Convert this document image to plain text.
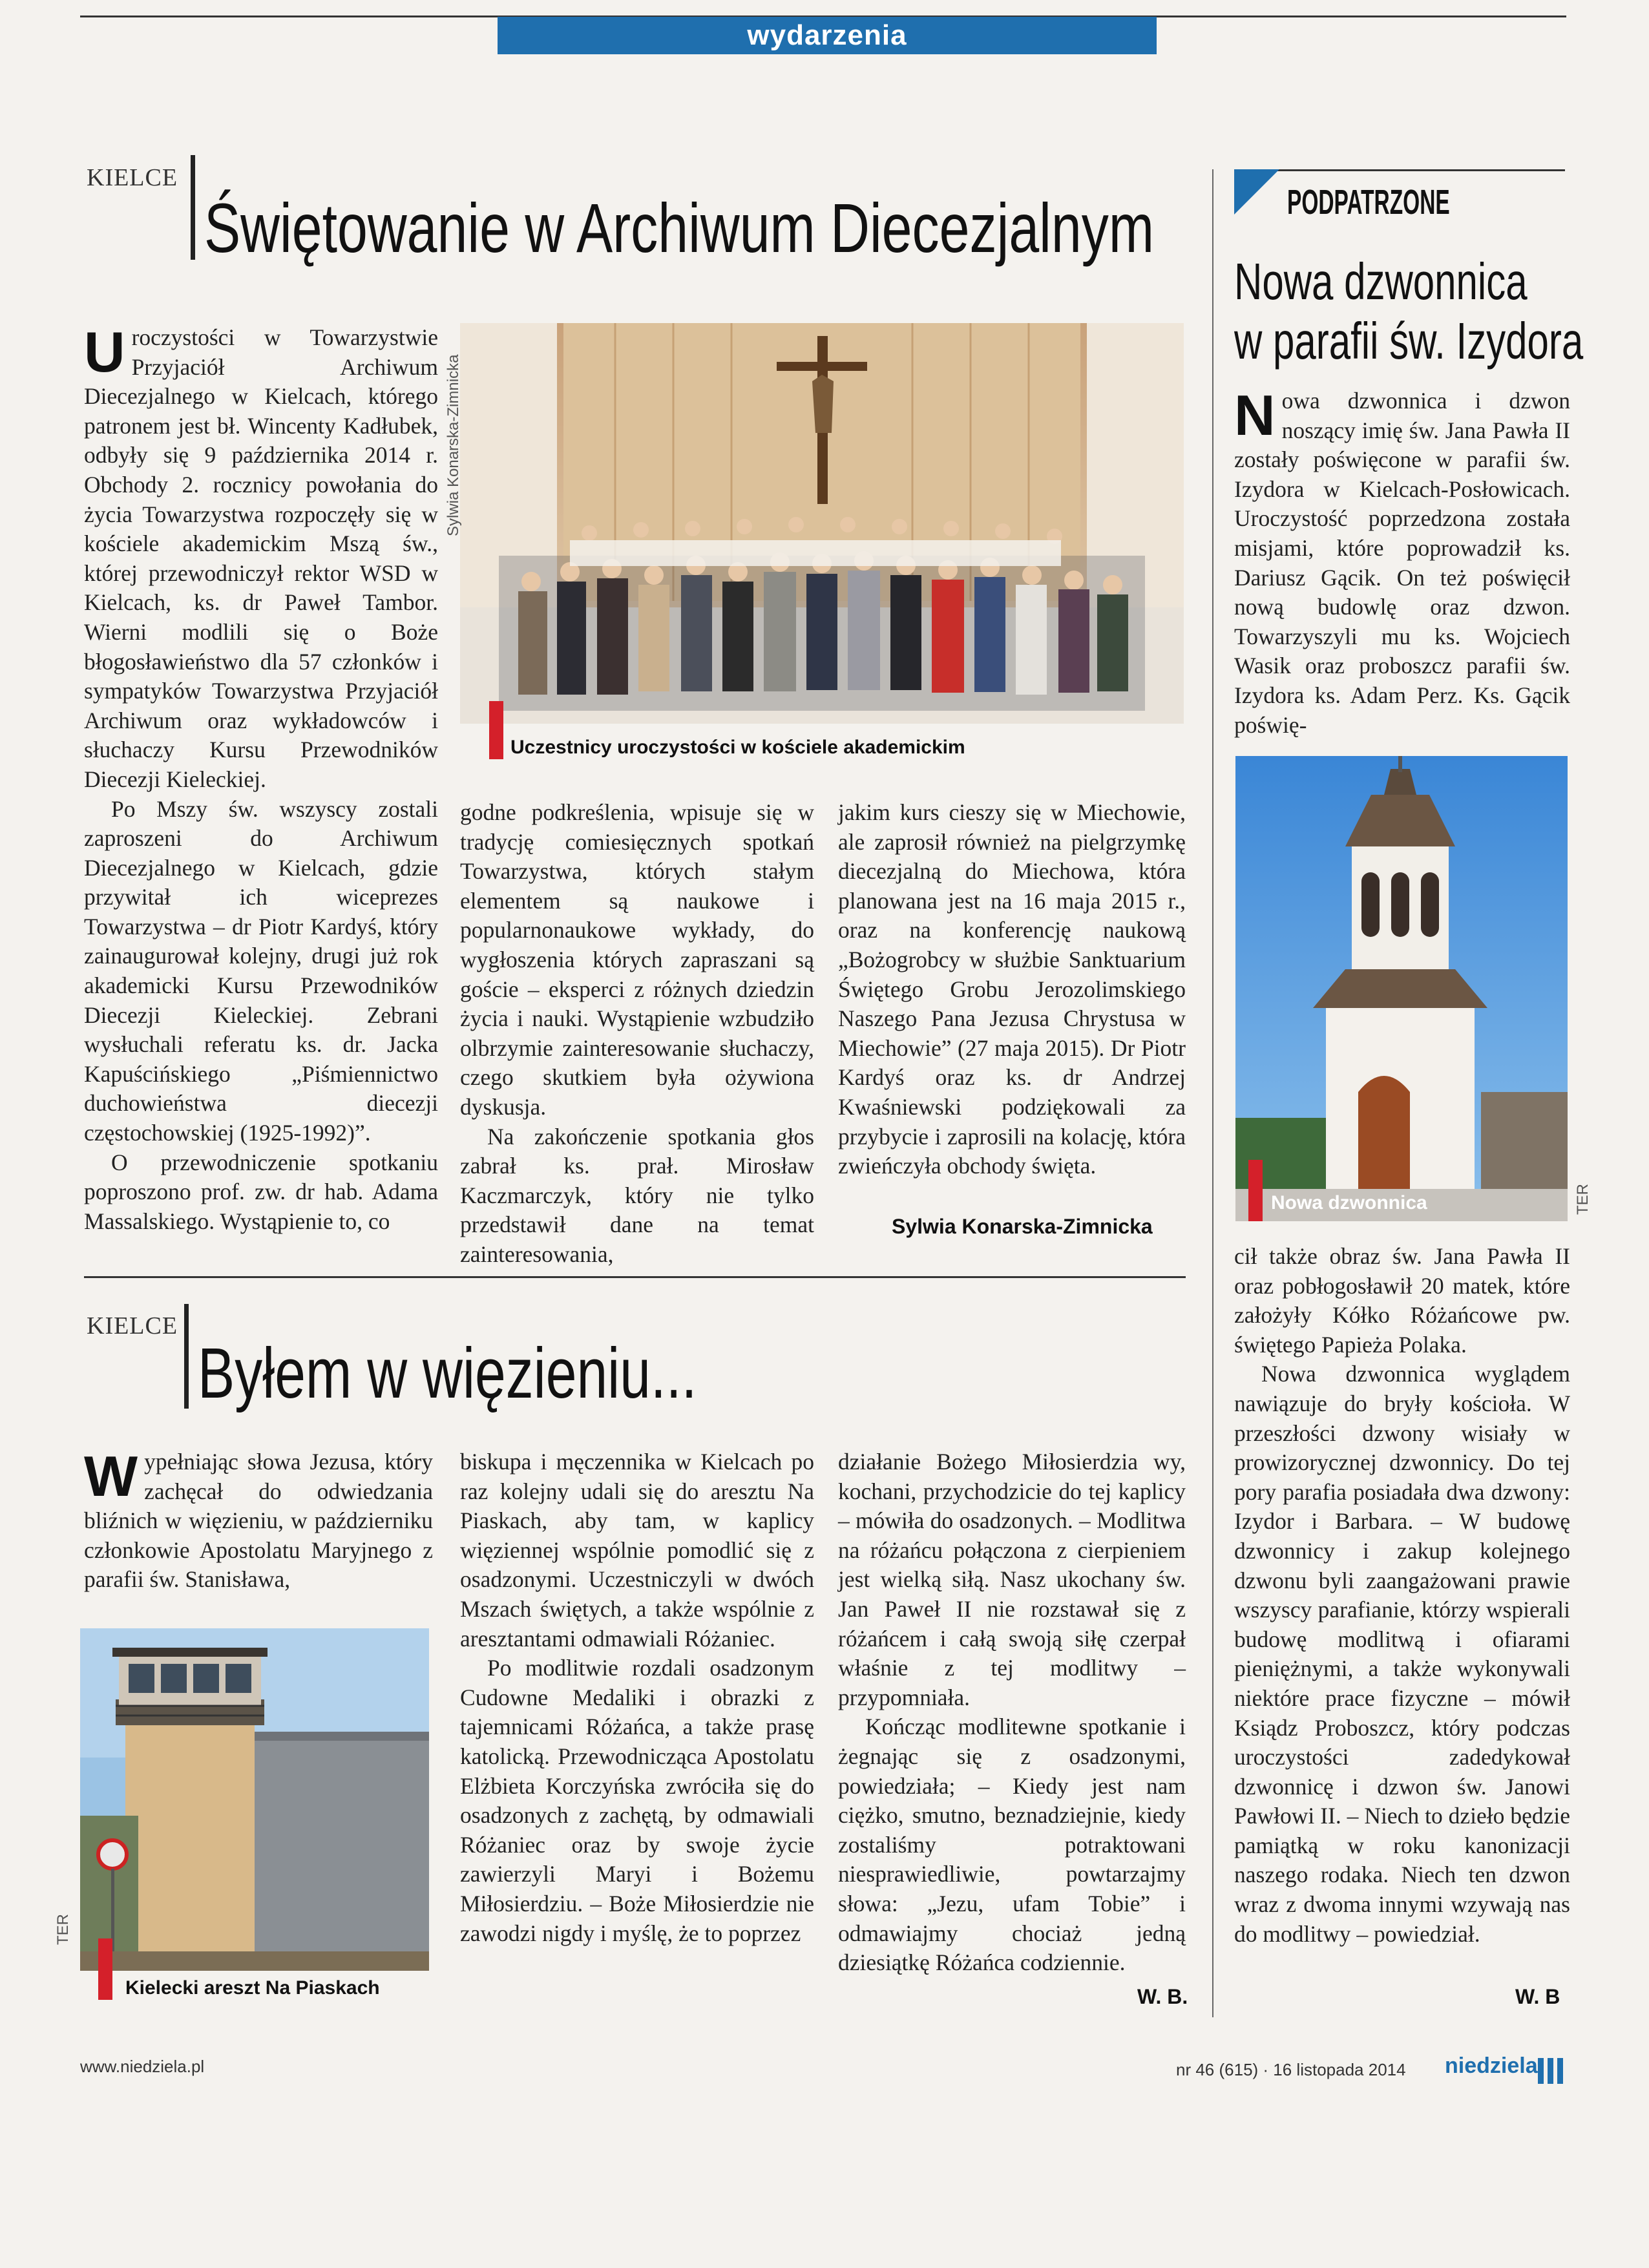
wydarzenia
KIELCE
Świętowanie w Archiwum Diecezjalnym

Uroczystości w Towarzystwie Przyjaciół Archiwum Diecezjalnego w Kielcach, którego patronem jest bł. Wincenty Kadłubek, odbyły się 9 października 2014 r. Obchody 2. rocznicy powołania do życia Towarzystwa rozpoczęły się w kościele akademickim Mszą św., której przewodniczył rektor WSD w Kielcach, ks. dr Paweł Tambor. Wierni modlili się o Boże błogosławieństwo dla 57 członków i sympatyków Towarzystwa Przyjaciół Archiwum oraz wykładowców i słuchaczy Kursu Przewodników Diecezji Kieleckiej.

Po Mszy św. wszyscy zostali zaproszeni do Archiwum Diecezjalnego w Kielcach, gdzie przywitał ich wiceprezes Towarzystwa – dr Piotr Kardyś, który zainaugurował kolejny, drugi już rok akademicki Kursu Przewodników Diecezji Kieleckiej. Zebrani wysłuchali referatu ks. dr. Jacka Kapuścińskiego „Piśmiennictwo duchowieństwa diecezji częstochowskiej (1925-1992)”.

O przewodniczenie spotkaniu poproszono prof. zw. dr hab. Adama Massalskiego. Wystąpienie to, co

Sylwia Konarska-Zimnicka
Uczestnicy uroczystości w kościele akademickim

godne podkreślenia, wpisuje się w tradycję comiesięcznych spotkań Towarzystwa, których stałym elementem są naukowe i popularnonaukowe wykłady, do wygłoszenia których zapraszani są goście – eksperci z różnych dziedzin życia i nauki. Wystąpienie wzbudziło olbrzymie zainteresowanie słuchaczy, czego skutkiem była ożywiona dyskusja.

Na zakończenie spotkania głos zabrał ks. prał. Mirosław Kaczmarczyk, który nie tylko przedstawił dane na temat zainteresowania,

jakim kurs cieszy się w Miechowie, ale zaprosił również na pielgrzymkę diecezjalną do Miechowa, która planowana jest na 16 maja 2015 r., oraz na konferencję naukową „Bożogrobcy w służbie Sanktuarium Świętego Grobu Jerozolimskiego Naszego Pana Jezusa Chrystusa w Miechowie” (27 maja 2015). Dr Piotr Kardyś oraz ks. dr Andrzej Kwaśniewski podziękowali za przybycie i zaprosili na kolację, która zwieńczyła obchody święta.

Sylwia Konarska-Zimnicka
KIELCE
Byłem w więzieniu...

Wypełniając słowa Jezusa, który zachęcał do odwiedzania bliźnich w więzieniu, w październiku członkowie Apostolatu Maryjnego z parafii św. Stanisława,

TER
Kielecki areszt Na Piaskach

biskupa i męczennika w Kielcach po raz kolejny udali się do aresztu Na Piaskach, aby tam, w kaplicy więziennej wspólnie pomodlić się z osadzonymi. Uczestniczyli w dwóch Mszach świętych, a także wspólnie z aresztantami odmawiali Różaniec.

Po modlitwie rozdali osadzonym Cudowne Medaliki i obrazki z tajemnicami Różańca, a także prasę katolicką. Przewodnicząca Apostolatu Elżbieta Korczyńska zwróciła się do osadzonych z zachętą, by odmawiali Różaniec oraz by swoje życie zawierzyli Maryi i Bożemu Miłosierdziu. – Boże Miłosierdzie nie zawodzi nigdy i myślę, że to poprzez

działanie Bożego Miłosierdzia wy, kochani, przychodzicie do tej kaplicy – mówiła do osadzonych. – Modlitwa na różańcu połączona z cierpieniem jest wielką siłą. Nasz ukochany św. Jan Paweł II nie rozstawał się z różańcem i całą swoją siłę czerpał właśnie z tej modlitwy – przypomniała.

Kończąc modlitewne spotkanie i żegnając się z osadzonymi, powiedziała; – Kiedy jest nam ciężko, smutno, beznadziejnie, kiedy zostaliśmy potraktowani niesprawiedliwie, powtarzajmy słowa: „Jezu, ufam Tobie” i odmawiajmy chociaż jedną dziesiątkę Różańca codziennie.

W. B.
PODPATRZONE
Nowa dzwonnica
w parafii św. Izydora

Nowa dzwonnica i dzwon noszący imię św. Jana Pawła II zostały poświęcone w parafii św. Izydora w Kielcach-Posłowicach. Uroczystość poprzedzona została misjami, które poprowadził ks. Dariusz Gącik. On też poświęcił nową budowlę oraz dzwon. Towarzyszyli mu ks. Wojciech Wasik oraz proboszcz parafii św. Izydora ks. Adam Perz. Ks. Gącik poświę-

Nowa dzwonnica	TER

cił także obraz św. Jana Pawła II oraz pobłogosławił 20 matek, które założyły Kółko Różańcowe pw. świętego Papieża Polaka.

Nowa dzwonnica wyglądem nawiązuje do bryły kościoła. W przeszłości dzwony wisiały w prowizorycznej dzwonnicy. Do tej pory parafia posiadała dwa dzwony: Izydor i Barbara. – W budowę dzwonnicy i zakup kolejnego dzwonu byli zaangażowani prawie wszyscy parafianie, którzy wspierali budowę modlitwą i ofiarami pieniężnymi, a także wykonywali niektóre prace fizyczne – mówił Ksiądz Proboszcz, który podczas uroczystości zadedykował dzwonnicę i dzwon św. Janowi Pawłowi II. – Niech to dzieło będzie pamiątką w roku kanonizacji naszego rodaka. Niech ten dzwon wraz z dwoma innymi wzywają nas do modlitwy – powiedział.

W. B
www.niedziela.pl	nr 46 (615) · 16 listopada 2014 niedziela
